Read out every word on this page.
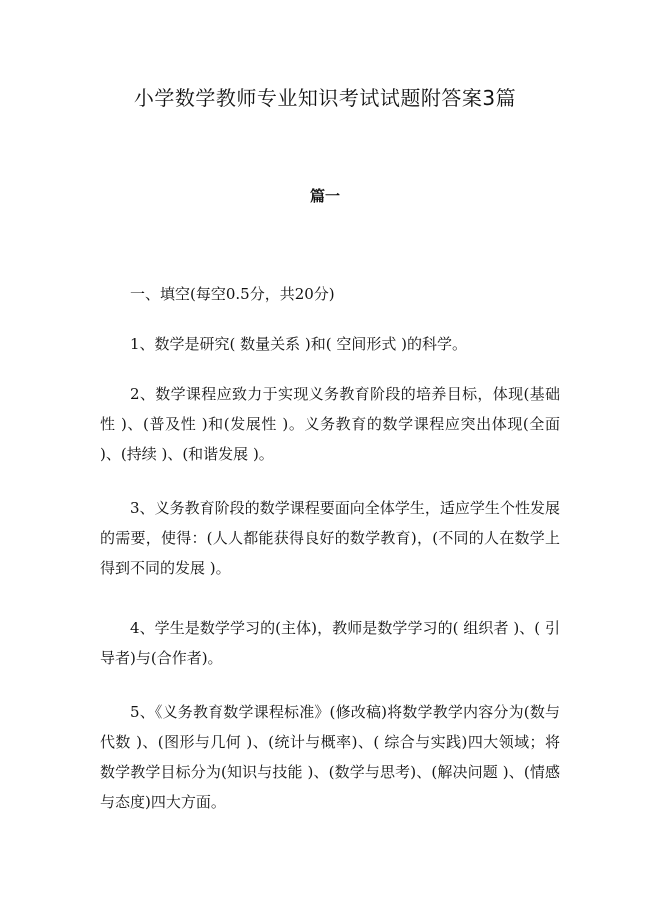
小学数学教师专业知识考试试题附答案3篇
篇一

一、填空(每空0.5分，共20分)

1、数学是研究( 数量关系 )和( 空间形式 )的科学。

2、数学课程应致力于实现义务教育阶段的培养目标，体现(基础性 )、(普及性 )和(发展性 )。义务教育的数学课程应突出体现(全面 )、(持续 )、(和谐发展 )。

3、义务教育阶段的数学课程要面向全体学生，适应学生个性发展的需要，使得：(人人都能获得良好的数学教育)，(不同的人在数学上得到不同的发展 )。

4、学生是数学学习的(主体)，教师是数学学习的( 组织者 )、( 引导者)与(合作者)。

5、《义务教育数学课程标准》(修改稿)将数学教学内容分为(数与代数 )、(图形与几何 )、(统计与概率)、( 综合与实践)四大领域；将数学教学目标分为(知识与技能 )、(数学与思考)、(解决问题 )、(情感与态度)四大方面。
